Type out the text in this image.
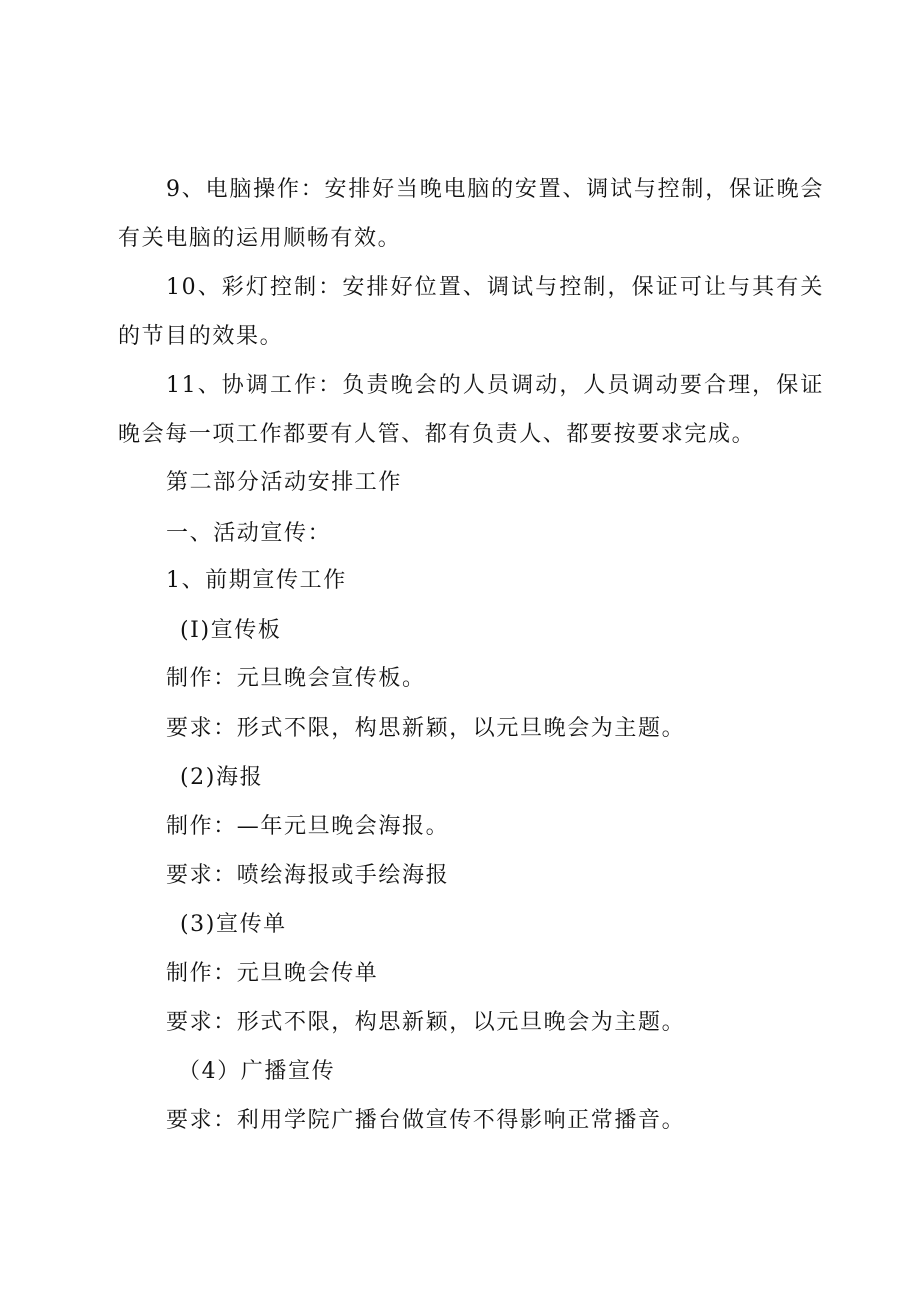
9、电脑操作：安排好当晚电脑的安置、调试与控制，保证晚会有关电脑的运用顺畅有效。

10、彩灯控制：安排好位置、调试与控制，保证可让与其有关的节目的效果。

11、协调工作：负责晚会的人员调动，人员调动要合理，保证晚会每一项工作都要有人管、都有负责人、都要按要求完成。

第二部分活动安排工作

一、活动宣传：

1、前期宣传工作

(I)宣传板

制作：元旦晚会宣传板。

要求：形式不限，构思新颖，以元旦晚会为主题。

(2)海报

制作：—年元旦晚会海报。

要求：喷绘海报或手绘海报

(3)宣传单

制作：元旦晚会传单

要求：形式不限，构思新颖，以元旦晚会为主题。

（4）广播宣传

要求：利用学院广播台做宣传不得影响正常播音。
